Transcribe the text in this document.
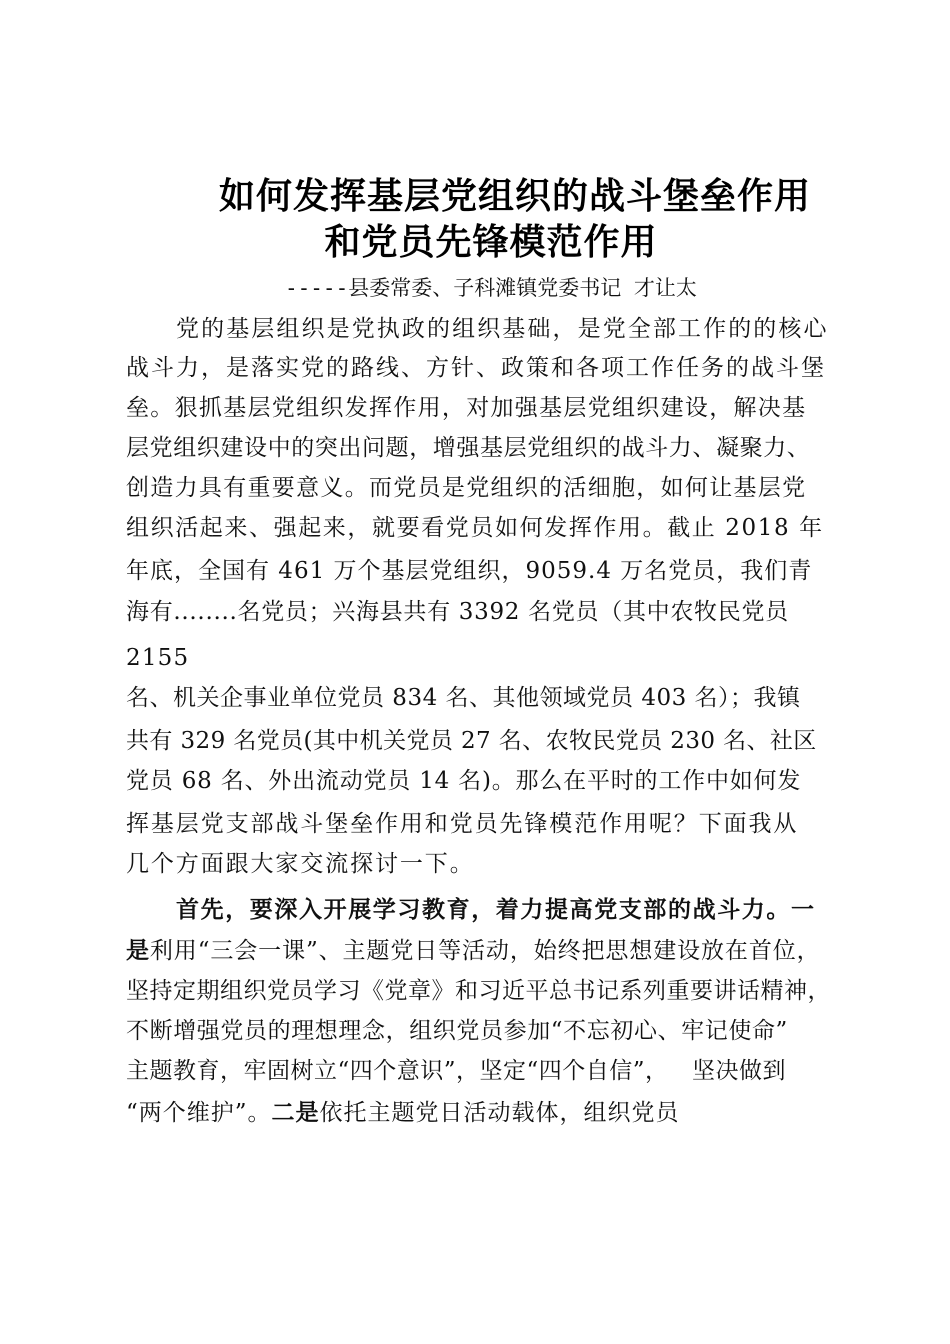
如何发挥基层党组织的战斗堡垒作用
和党员先锋模范作用
-----县委常委、子科滩镇党委书记 才让太
党的基层组织是党执政的组织基础，是党全部工作的的核心
战斗力，是落实党的路线、方针、政策和各项工作任务的战斗堡
垒。狠抓基层党组织发挥作用，对加强基层党组织建设，解决基
层党组织建设中的突出问题，增强基层党组织的战斗力、凝聚力、
创造力具有重要意义。而党员是党组织的活细胞，如何让基层党
组织活起来、强起来，就要看党员如何发挥作用。截止 2018 年
年底，全国有 461 万个基层党组织，9059.4 万名党员，我们青
海有........名党员；兴海县共有 3392 名党员（其中农牧民党员
2155
名、机关企事业单位党员 834 名、其他领域党员 403 名）；我镇
共有 329 名党员(其中机关党员 27 名、农牧民党员 230 名、社区
党员 68 名、外出流动党员 14 名)。那么在平时的工作中如何发
挥基层党支部战斗堡垒作用和党员先锋模范作用呢？下面我从
几个方面跟大家交流探讨一下。
首先，要深入开展学习教育，着力提高党支部的战斗力。一
是利用“三会一课”、主题党日等活动，始终把思想建设放在首位，
坚持定期组织党员学习《党章》和习近平总书记系列重要讲话精神，
不断增强党员的理想理念，组织党员参加“不忘初心、牢记使命”
主题教育，牢固树立“四个意识”，坚定“四个自信”，   坚决做到
“两个维护”。二是依托主题党日活动载体，组织党员
